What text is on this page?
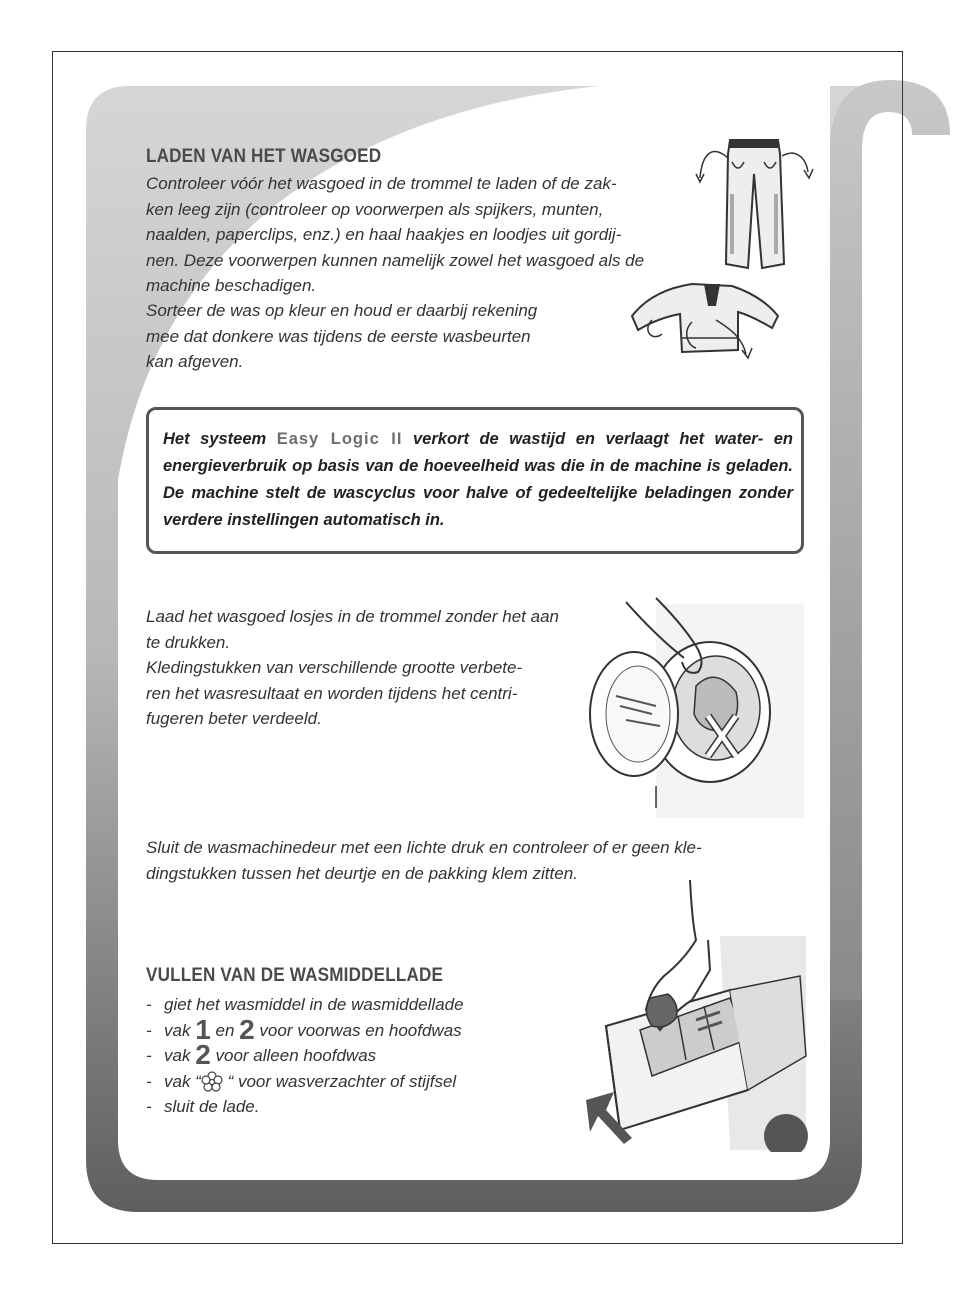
LADEN VAN HET WASGOED

Controleer vóór het wasgoed in de trommel te laden of de zak-
ken leeg zijn (controleer op voorwerpen als spijkers, munten,
naalden, paperclips, enz.) en haal haakjes en loodjes uit gordij-
nen. Deze voorwerpen kunnen namelijk zowel het wasgoed als de
machine beschadigen.

Sorteer de was op kleur en houd er daarbij rekening
mee dat donkere was tijdens de eerste wasbeurten
kan afgeven.

Het systeem Easy Logic II verkort de wastijd en verlaagt het water- en energieverbruik op basis van de hoeveelheid was die in de machine is geladen. De machine stelt de wascyclus voor halve of gedeeltelijke beladingen zonder verdere instellingen automatisch in.

Laad het wasgoed losjes in de trommel zonder het aan
te drukken.
Kledingstukken van verschillende grootte verbete-
ren het wasresultaat en worden tijdens het centri-
fugeren beter verdeeld.

Sluit de wasmachinedeur met een lichte druk en controleer of er geen kle-
dingstukken tussen het deurtje en de pakking klem zitten.

VULLEN VAN DE WASMIDDELLADE
- giet het wasmiddel in de wasmiddellade
- vak 1 en 2 voor voorwas en hoofdwas
- vak 2 voor alleen hoofdwas
- vak “ “ voor wasverzachter of stijfsel
- sluit de lade.
